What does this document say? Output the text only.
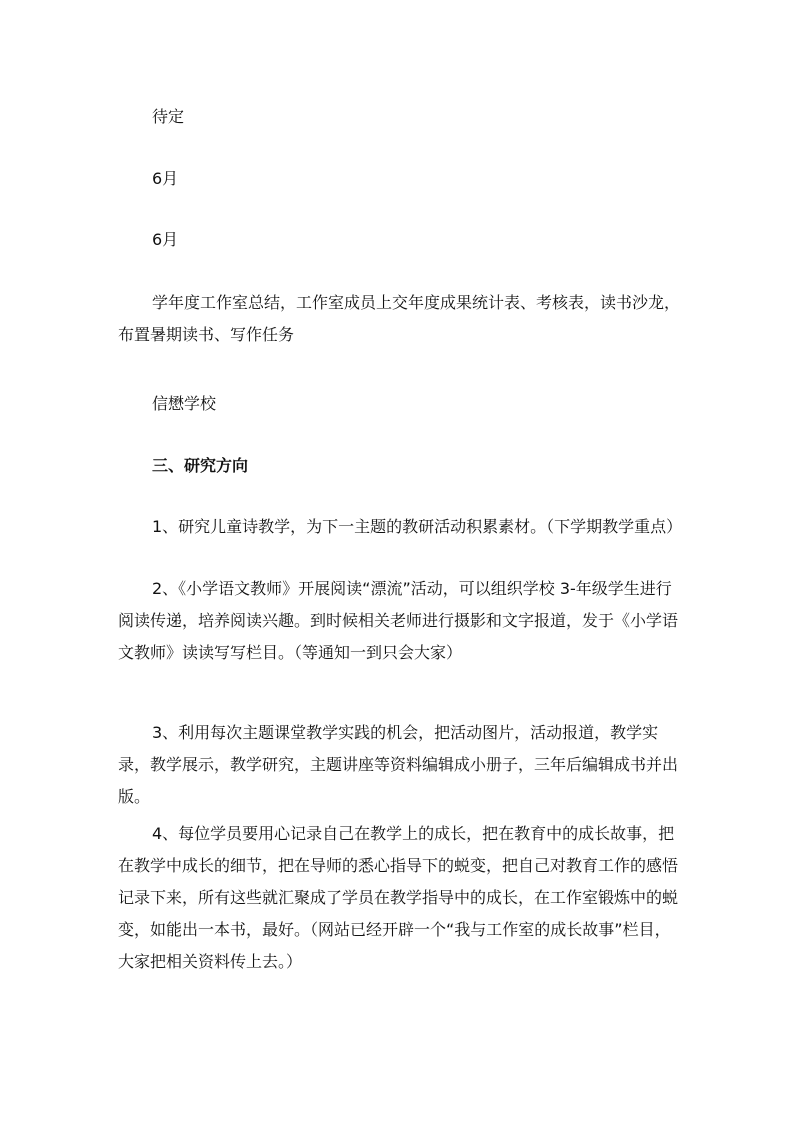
待定

6月

6月

学年度工作室总结，工作室成员上交年度成果统计表、考核表，读书沙龙，布置暑期读书、写作任务

信懋学校

三、研究方向

1、研究儿童诗教学，为下一主题的教研活动积累素材。（下学期教学重点）

2、《小学语文教师》开展阅读“漂流”活动，可以组织学校 3-年级学生进行阅读传递，培养阅读兴趣。到时候相关老师进行摄影和文字报道，发于《小学语文教师》读读写写栏目。（等通知一到只会大家）

3、利用每次主题课堂教学实践的机会，把活动图片，活动报道，教学实录，教学展示，教学研究，主题讲座等资料编辑成小册子，三年后编辑成书并出版。

4、每位学员要用心记录自己在教学上的成长，把在教育中的成长故事，把在教学中成长的细节，把在导师的悉心指导下的蜕变，把自己对教育工作的感悟记录下来，所有这些就汇聚成了学员在教学指导中的成长，在工作室锻炼中的蜕变，如能出一本书，最好。（网站已经开辟一个“我与工作室的成长故事”栏目，大家把相关资料传上去。）
